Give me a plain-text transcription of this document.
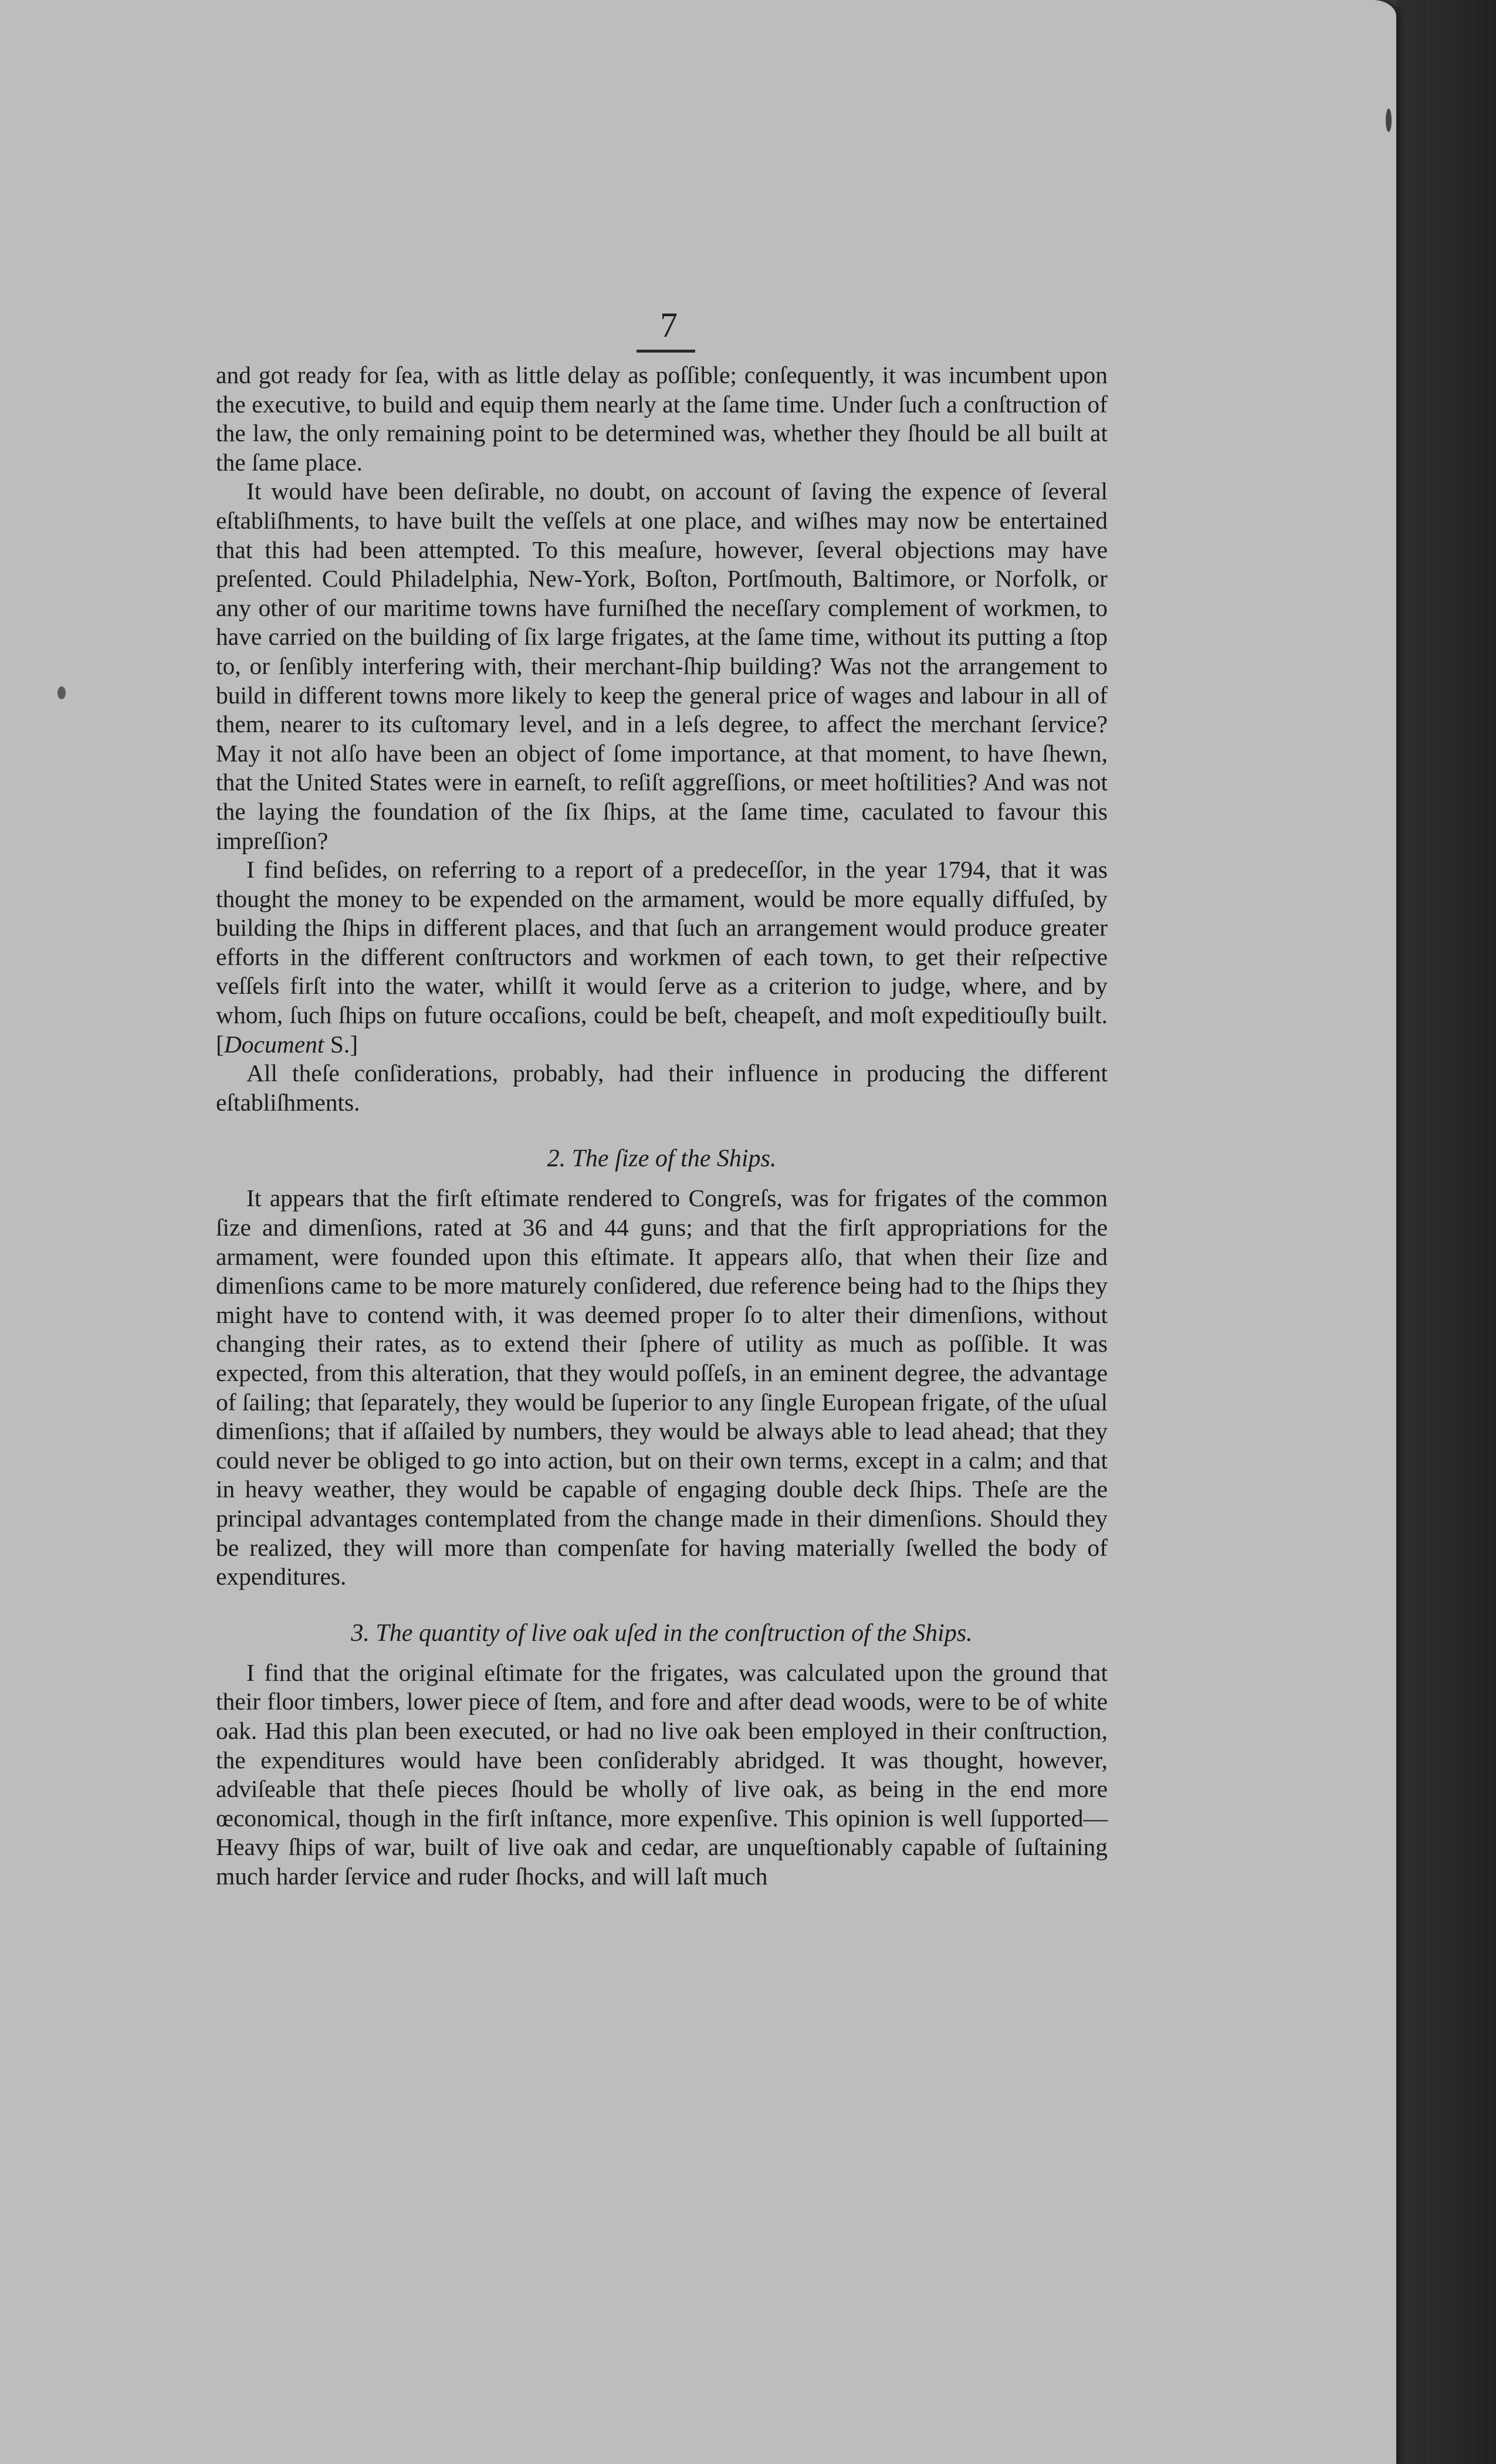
7

and got ready for ſea, with as little delay as poſſible; conſequently, it was incumbent upon the executive, to build and equip them nearly at the ſame time. Under ſuch a conſtruction of the law, the only remaining point to be determined was, whether they ſhould be all built at the ſame place.

It would have been deſirable, no doubt, on account of ſaving the expence of ſeveral eſtabliſhments, to have built the veſſels at one place, and wiſhes may now be entertained that this had been attempted. To this meaſure, however, ſeveral objections may have preſented. Could Philadelphia, New-York, Boſton, Portſmouth, Baltimore, or Norfolk, or any other of our maritime towns have furniſhed the neceſſary complement of workmen, to have carried on the building of ſix large frigates, at the ſame time, without its putting a ſtop to, or ſenſibly interfering with, their merchant-ſhip building? Was not the arrangement to build in different towns more likely to keep the general price of wages and labour in all of them, nearer to its cuſtomary level, and in a leſs degree, to affect the merchant ſervice? May it not alſo have been an object of ſome importance, at that moment, to have ſhewn, that the United States were in earneſt, to reſiſt aggreſſions, or meet hoſtilities? And was not the laying the foundation of the ſix ſhips, at the ſame time, caculated to favour this impreſſion?

I find beſides, on referring to a report of a predeceſſor, in the year 1794, that it was thought the money to be expended on the armament, would be more equally diffuſed, by building the ſhips in different places, and that ſuch an arrangement would produce greater efforts in the different conſtructors and workmen of each town, to get their reſpective veſſels firſt into the water, whilſt it would ſerve as a criterion to judge, where, and by whom, ſuch ſhips on future occaſions, could be beſt, cheapeſt, and moſt expeditiouſly built. [Document S.]

All theſe conſiderations, probably, had their influence in producing the different eſtabliſhments.

2. The ſize of the Ships.

It appears that the firſt eſtimate rendered to Congreſs, was for frigates of the common ſize and dimenſions, rated at 36 and 44 guns; and that the firſt appropriations for the armament, were founded upon this eſtimate. It appears alſo, that when their ſize and dimenſions came to be more maturely conſidered, due reference being had to the ſhips they might have to contend with, it was deemed proper ſo to alter their dimenſions, without changing their rates, as to extend their ſphere of utility as much as poſſible. It was expected, from this alteration, that they would poſſeſs, in an eminent degree, the advantage of ſailing; that ſeparately, they would be ſuperior to any ſingle European frigate, of the uſual dimenſions; that if aſſailed by numbers, they would be always able to lead ahead; that they could never be obliged to go into action, but on their own terms, except in a calm; and that in heavy weather, they would be capable of engaging double deck ſhips. Theſe are the principal advantages contemplated from the change made in their dimenſions. Should they be realized, they will more than compenſate for having materially ſwelled the body of expenditures.

3. The quantity of live oak uſed in the conſtruction of the Ships.

I find that the original eſtimate for the frigates, was calculated upon the ground that their floor timbers, lower piece of ſtem, and fore and after dead woods, were to be of white oak. Had this plan been executed, or had no live oak been employed in their conſtruction, the expenditures would have been conſiderably abridged. It was thought, however, adviſeable that theſe pieces ſhould be wholly of live oak, as being in the end more œconomical, though in the firſt inſtance, more expenſive. This opinion is well ſupported—Heavy ſhips of war, built of live oak and cedar, are unqueſtionably capable of ſuſtaining much harder ſervice and ruder ſhocks, and will laſt much
